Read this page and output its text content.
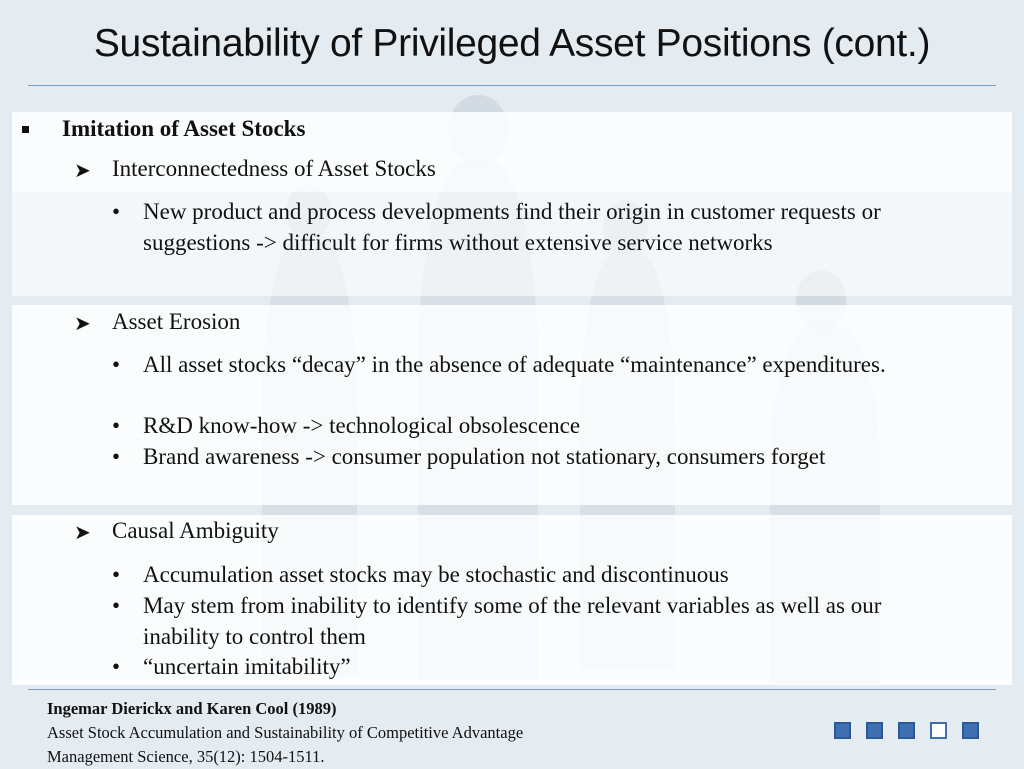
Sustainability of Privileged Asset Positions (cont.)
Imitation of Asset Stocks
➤ Interconnectedness of Asset Stocks
• New product and process developments find their origin in customer requests or suggestions -> difficult for firms without extensive service networks
➤ Asset Erosion
• All asset stocks “decay” in the absence of adequate “maintenance” expenditures.
• R&D know-how -> technological obsolescence
• Brand awareness -> consumer population not stationary, consumers forget
➤ Causal Ambiguity
• Accumulation asset stocks may be stochastic and discontinuous
• May stem from inability to identify some of the relevant variables as well as our inability to control them
• “uncertain imitability”
Ingemar Dierickx and Karen Cool (1989)
Asset Stock Accumulation and Sustainability of Competitive Advantage
Management Science, 35(12): 1504-1511.
